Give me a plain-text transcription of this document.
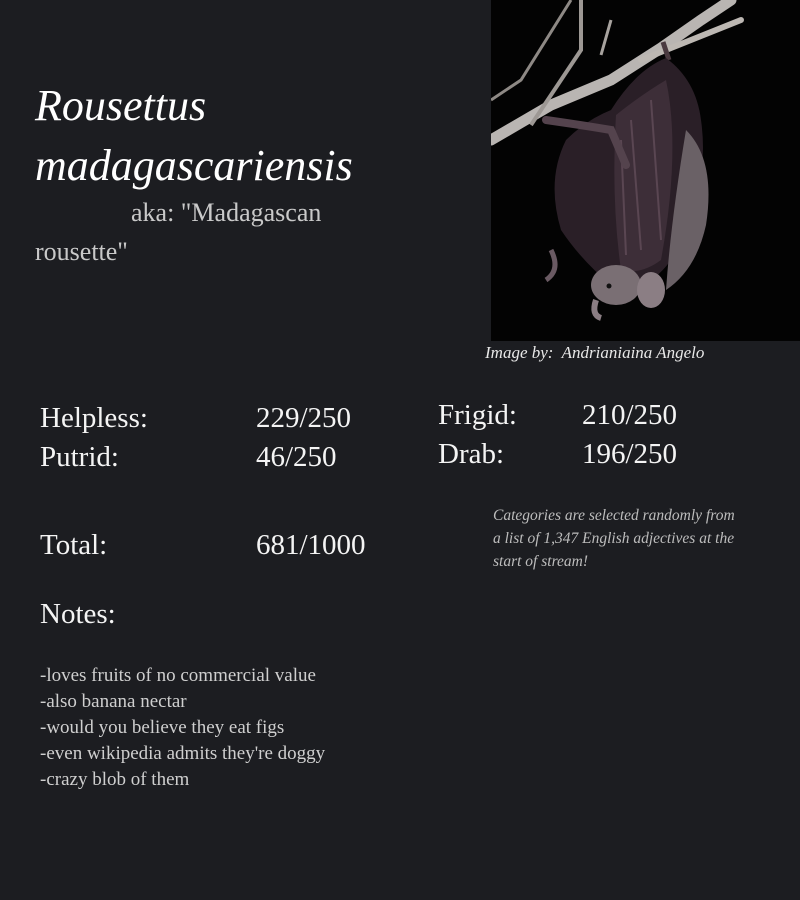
Rousettus madagascariensis
aka: "Madagascan rousette"
Image by:  Andrianiaina Angelo
Helpless:	229/250
Putrid:	46/250
Frigid: 210/250
Drab:	196/250
Total:	681/1000
Categories are selected randomly from a list of 1,347 English adjectives at the start of stream!
Notes:
-loves fruits of no commercial value
-also banana nectar
-would you believe they eat figs
-even wikipedia admits they're doggy
-crazy blob of them
